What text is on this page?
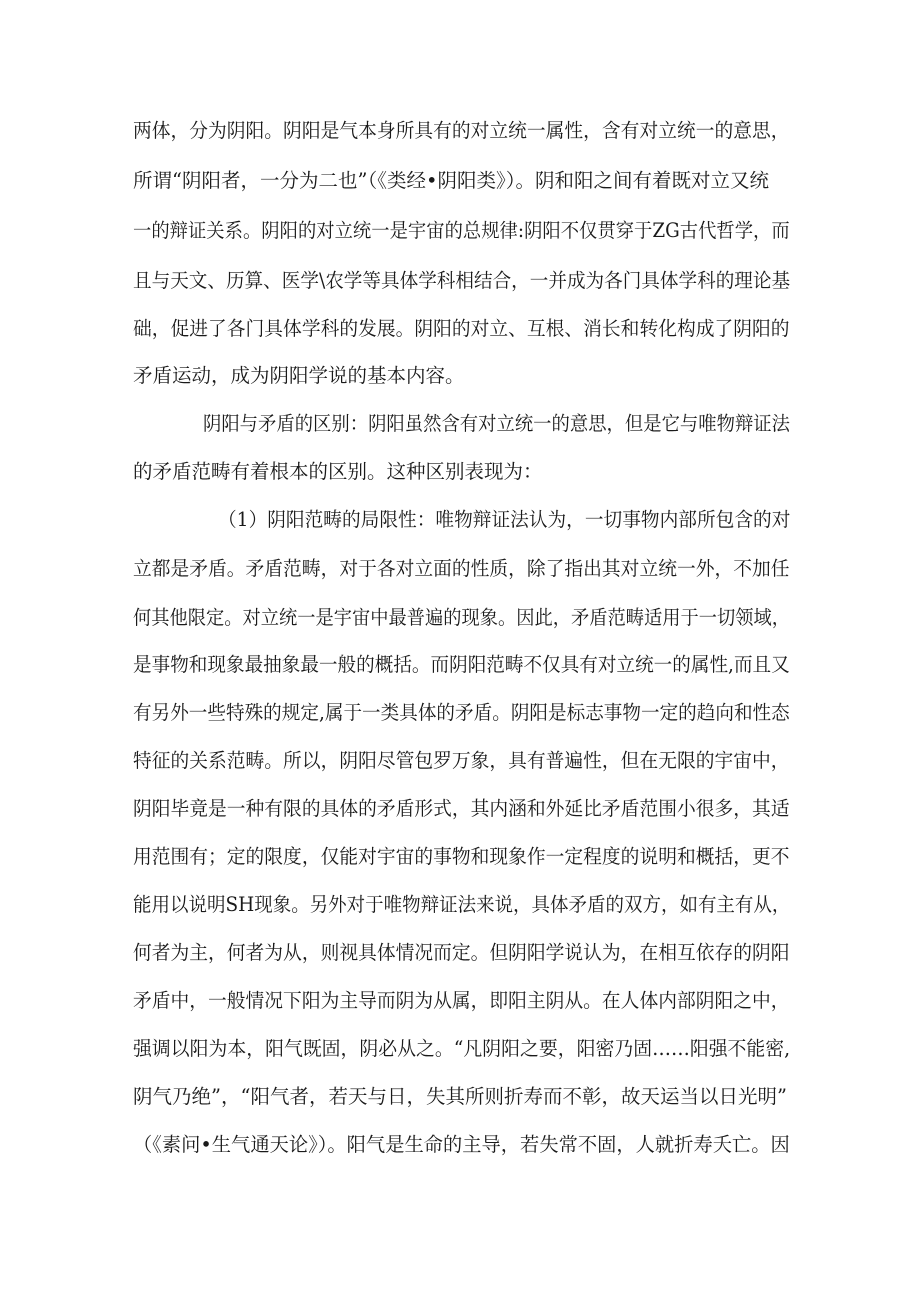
两体，分为阴阳。阴阳是气本身所具有的对立统一属性，含有对立统一的意思，
所谓“阴阳者，一分为二也”（《类经•阴阳类》）。阴和阳之间有着既对立又统
一的辩证关系。阴阳的对立统一是宇宙的总规律:阴阳不仅贯穿于ZG古代哲学，而
且与天文、历算、医学\农学等具体学科相结合，一并成为各门具体学科的理论基
础，促进了各门具体学科的发展。阴阳的对立、互根、消长和转化构成了阴阳的
矛盾运动，成为阴阳学说的基本内容。
阴阳与矛盾的区别：阴阳虽然含有对立统一的意思，但是它与唯物辩证法
的矛盾范畴有着根本的区别。这种区别表现为：
（1）阴阳范畴的局限性：唯物辩证法认为，一切事物内部所包含的对
立都是矛盾。矛盾范畴，对于各对立面的性质，除了指出其对立统一外，不加任
何其他限定。对立统一是宇宙中最普遍的现象。因此，矛盾范畴适用于一切领域，
是事物和现象最抽象最一般的概括。而阴阳范畴不仅具有对立统一的属性,而且又
有另外一些特殊的规定,属于一类具体的矛盾。阴阳是标志事物一定的趋向和性态
特征的关系范畴。所以，阴阳尽管包罗万象，具有普遍性，但在无限的宇宙中，
阴阳毕竟是一种有限的具体的矛盾形式，其内涵和外延比矛盾范围小很多，其适
用范围有；定的限度，仅能对宇宙的事物和现象作一定程度的说明和概括，更不
能用以说明SH现象。另外对于唯物辩证法来说，具体矛盾的双方，如有主有从，
何者为主，何者为从，则视具体情况而定。但阴阳学说认为，在相互依存的阴阳
矛盾中，一般情况下阳为主导而阴为从属，即阳主阴从。在人体内部阴阳之中，
强调以阳为本，阳气既固，阴必从之。“凡阴阳之要，阳密乃固……阳强不能密,
阴气乃绝”，“阳气者，若天与日，失其所则折寿而不彰，故天运当以日光明”
（《素问•生气通天论》）。阳气是生命的主导，若失常不固，人就折寿夭亡。因
